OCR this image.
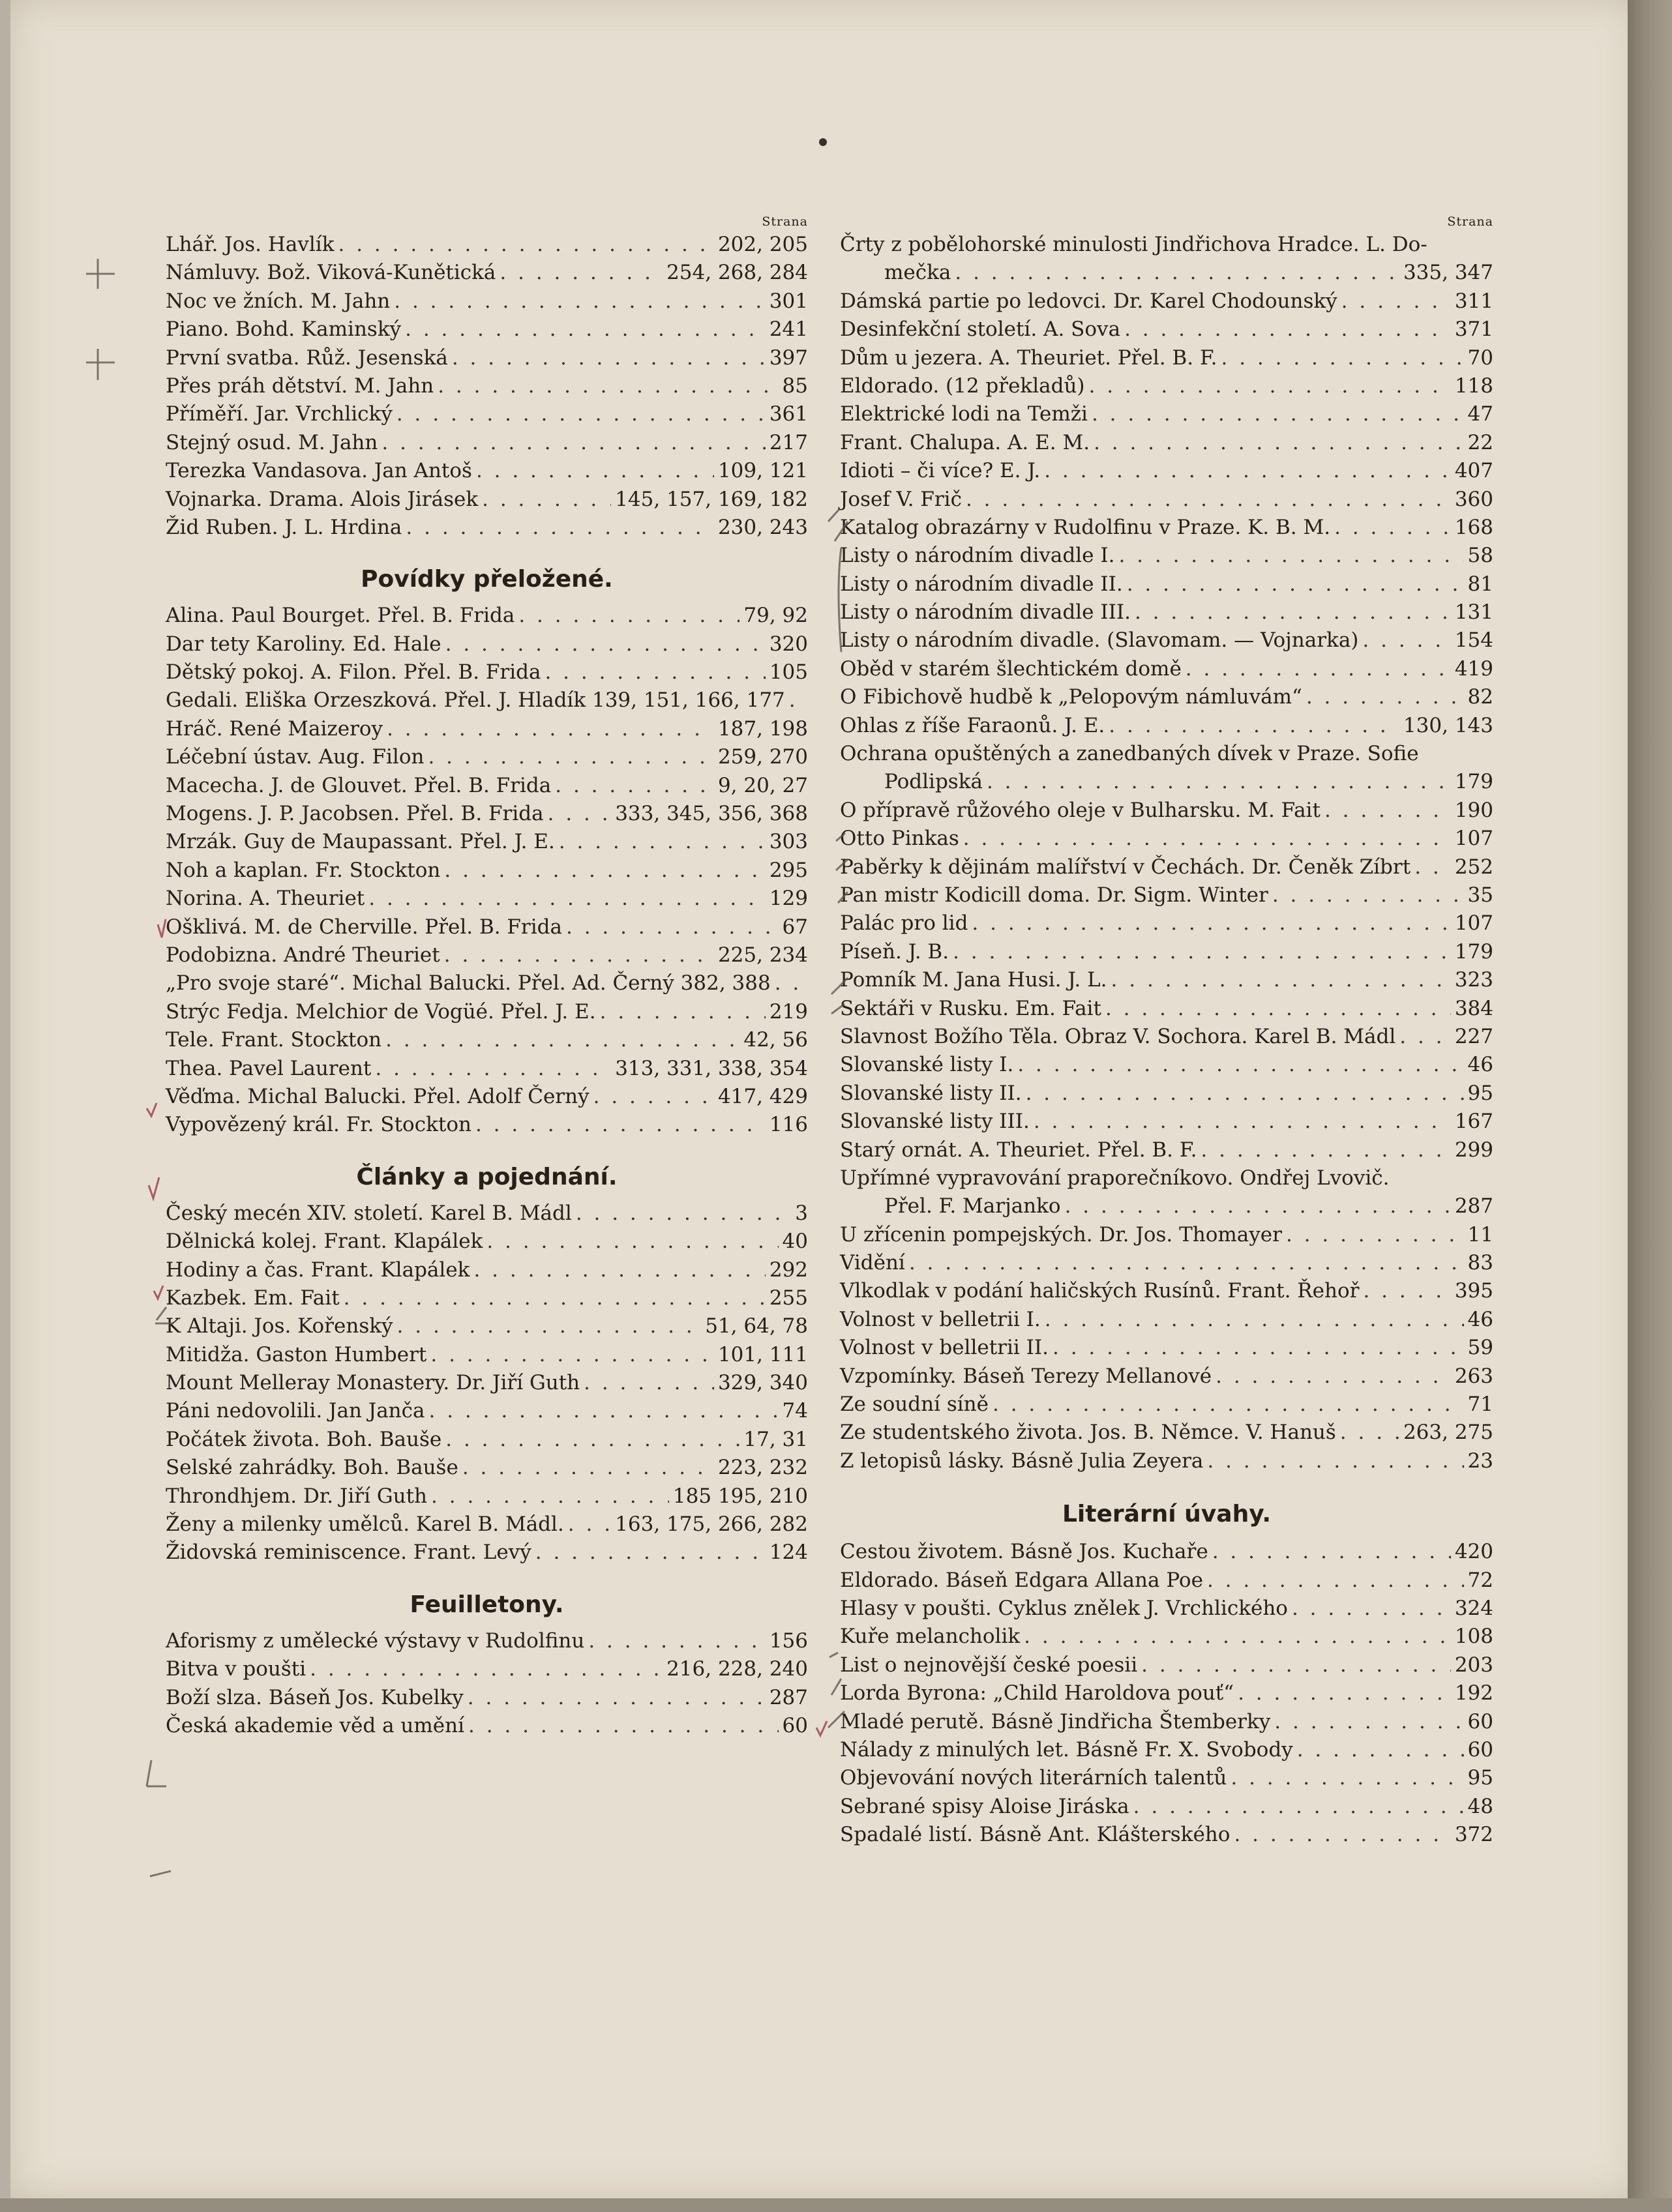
Strana
Lhář. Jos. Havlík . . .	202, 205
Námluvy. Bož. Viková-Kunětická . . .	254, 268, 284
Noc ve žních. M. Jahn . . .	301
Piano. Bohd. Kaminský . . .	241
První svatba. Růž. Jesenská . . .	397
Přes práh dětství. M. Jahn . . .	85
Příměří. Jar. Vrchlický . . .	361
Stejný osud. M. Jahn . . .	217
Terezka Vandasova. Jan Antoš . . .	109, 121
Vojnarka. Drama. Alois Jirásek . . .	145, 157, 169, 182
Žid Ruben. J. L. Hrdina . . .	230, 243
Povídky přeložené.
Alina. Paul Bourget. Přel. B. Frida . . .	79, 92
Dar tety Karoliny. Ed. Hale . . .	320
Dětský pokoj. A. Filon. Přel. B. Frida . . .	105
Gedali. Eliška Orzeszková. Přel. J. Hladík 139, 151, 166, 177
. . .
Hráč. René Maizeroy . . .	187, 198
Léčební ústav. Aug. Filon . . .	259, 270
Macecha. J. de Glouvet. Přel. B. Frida . . .	9, 20, 27
Mogens. J. P. Jacobsen. Přel. B. Frida . . .	333, 345, 356, 368
Mrzák. Guy de Maupassant. Přel. J. E. . . .	303
Noh a kaplan. Fr. Stockton . . .	295
Norina. A. Theuriet . . .	129
Ošklivá. M. de Cherville. Přel. B. Frida . . .	67
Podobizna. André Theuriet . . .	225, 234
„Pro svoje staré“. Michal Balucki. Přel. Ad. Černý 382, 388
. . .
Strýc Fedja. Melchior de Vogüé. Přel. J. E. . . .	219
Tele. Frant. Stockton . . .	42, 56
Thea. Pavel Laurent . . .	313, 331, 338, 354
Věďma. Michal Balucki. Přel. Adolf Černý . . .	417, 429
Vypovězený král. Fr. Stockton . . .	116
Články a pojednání.
Český mecén XIV. století. Karel B. Mádl . . .	3
Dělnická kolej. Frant. Klapálek . . .	40
Hodiny a čas. Frant. Klapálek . . .	292
Kazbek. Em. Fait . . .	255
K Altaji. Jos. Kořenský . . .	51, 64, 78
Mitidža. Gaston Humbert . . .	101, 111
Mount Melleray Monastery. Dr. Jiří Guth . . .	329, 340
Páni nedovolili. Jan Janča . . .	74
Počátek života. Boh. Bauše . . .	17, 31
Selské zahrádky. Boh. Bauše . . .	223, 232
Throndhjem. Dr. Jiří Guth . . .	185 195, 210
Ženy a milenky umělců. Karel B. Mádl. . . .	163, 175, 266, 282
Židovská reminiscence. Frant. Levý . . .	124
Feuilletony.
Aforismy z umělecké výstavy v Rudolfinu . . .	156
Bitva v poušti . . .	216, 228, 240
Boží slza. Báseň Jos. Kubelky . . .	287
Česká akademie věd a umění . . .	60
Strana
Črty z pobělohorské minulosti Jindřichova Hradce. L. Do-
mečka . . .	335, 347
Dámská partie po ledovci. Dr. Karel Chodounský . . .	311
Desinfekční století. A. Sova . . .	371
Dům u jezera. A. Theuriet. Přel. B. F. . . .	70
Eldorado. (12 překladů) . . .	118
Elektrické lodi na Temži . . .	47
Frant. Chalupa. A. E. M. . . .	22
Idioti – či více? E. J. . . .	407
Josef V. Frič . . .	360
Katalog obrazárny v Rudolfinu v Praze. K. B. M. . . .	168
Listy o národním divadle I. . . .	58
Listy o národním divadle II. . . .	81
Listy o národním divadle III. . . .	131
Listy o národním divadle. (Slavomam. — Vojnarka) . . .	154
Oběd v starém šlechtickém domě . . .	419
O Fibichově hudbě k „Pelopovým námluvám“ . . .	82
Ohlas z říše Faraonů. J. E. . . .	130, 143
Ochrana opuštěných a zanedbaných dívek v Praze. Sofie
Podlipská . . .	179
O přípravě růžového oleje v Bulharsku. M. Fait . . .	190
Otto Pinkas . . .	107
Paběrky k dějinám malířství v Čechách. Dr. Čeněk Zíbrt . . . 252
Pan mistr Kodicill doma. Dr. Sigm. Winter . . .	35
Palác pro lid . . .	107
Píseň. J. B. . . .	179
Pomník M. Jana Husi. J. L. . . .	323
Sektáři v Rusku. Em. Fait . . .	384
Slavnost Božího Těla. Obraz V. Sochora. Karel B. Mádl . . .	227
Slovanské listy I. . . .	46
Slovanské listy II. . . .	95
Slovanské listy III. . . .	167
Starý ornát. A. Theuriet. Přel. B. F. . . .	299
Upřímné vypravování praporečníkovo. Ondřej Lvovič.
Přel. F. Marjanko . . .	287
U zřícenin pompejských. Dr. Jos. Thomayer . . .	11
Vidění . . .	83
Vlkodlak v podání haličských Rusínů. Frant. Řehoř . . .	395
Volnost v belletrii I. . . .	46
Volnost v belletrii II. . . .	59
Vzpomínky. Báseň Terezy Mellanové . . .	263
Ze soudní síně . . .	71
Ze studentského života. Jos. B. Němce. V. Hanuš . . .	263, 275
Z letopisů lásky. Básně Julia Zeyera . . .	23
Literární úvahy.
Cestou životem. Básně Jos. Kuchaře . . .	420
Eldorado. Báseň Edgara Allana Poe . . .	72
Hlasy v poušti. Cyklus znělek J. Vrchlického . . .	324
Kuře melancholik . . .	108
List o nejnovější české poesii . . .	203
Lorda Byrona: „Child Haroldova pouť“ . . .	192
Mladé perutě. Básně Jindřicha Štemberky . . .	60
Nálady z minulých let. Básně Fr. X. Svobody . . .	60
Objevování nových literárních talentů . . .	95
Sebrané spisy Aloise Jiráska . . .	48
Spadalé listí. Básně Ant. Klášterského . . .	372
